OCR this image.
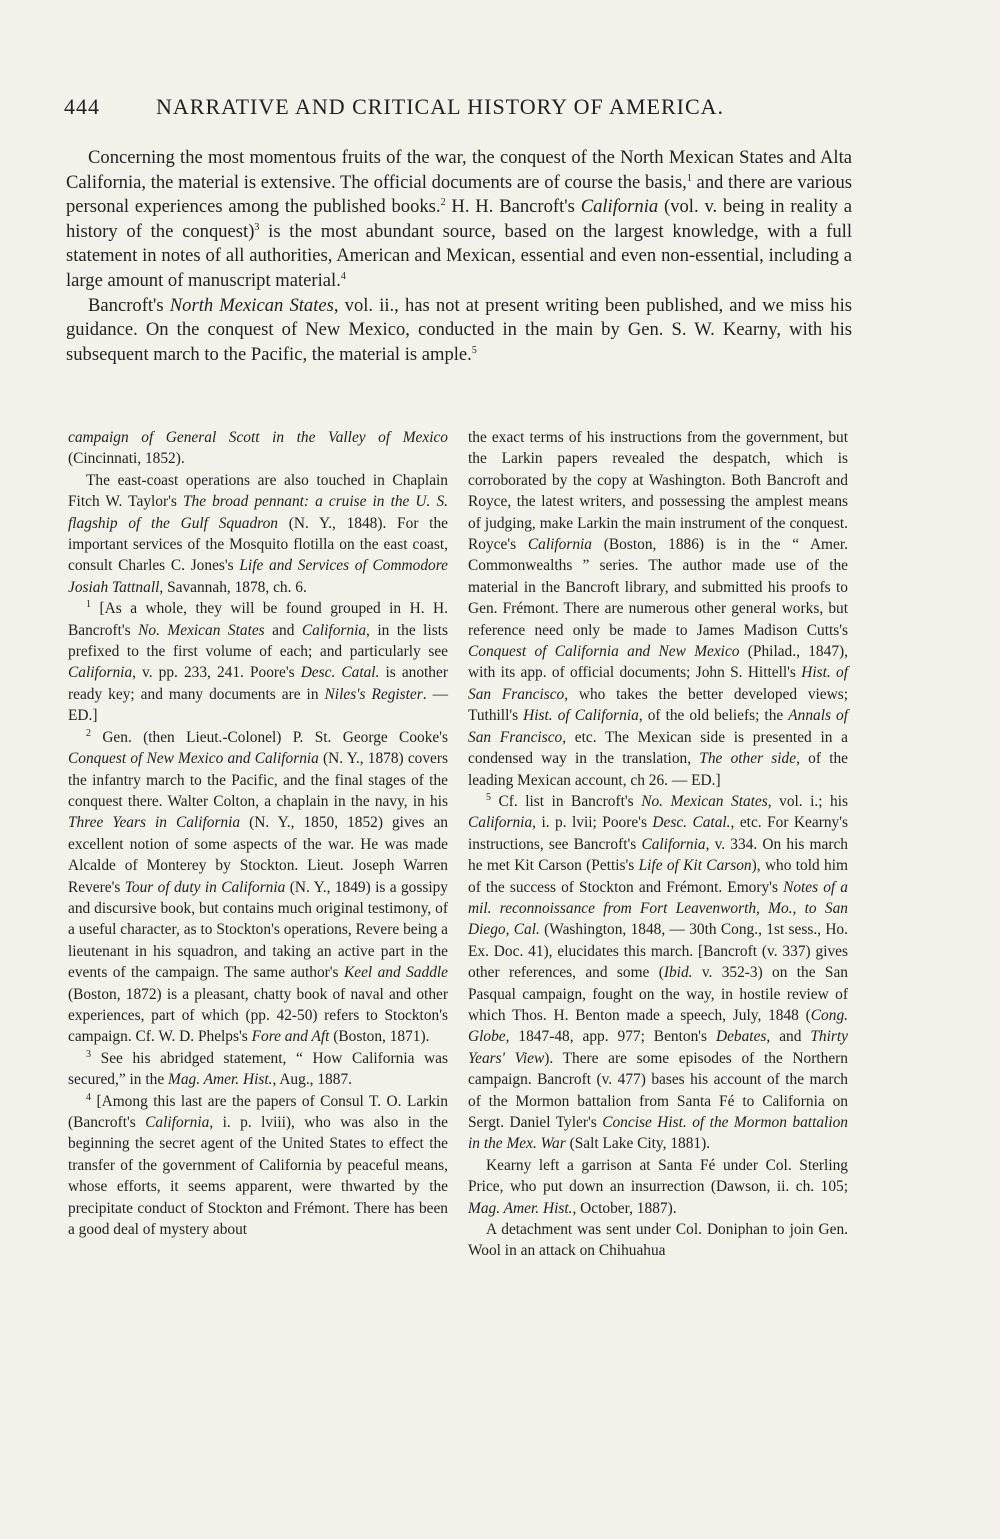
444	NARRATIVE AND CRITICAL HISTORY OF AMERICA.

Concerning the most momentous fruits of the war, the conquest of the North Mexican States and Alta California, the material is extensive. The official documents are of course the basis,$^1$ and there are various personal experiences among the published books.$^2$ H. H. Bancroft's California (vol. v. being in reality a history of the conquest)$^3$ is the most abundant source, based on the largest knowledge, with a full statement in notes of all authorities, American and Mexican, essential and even non-essential, including a large amount of manuscript material.$^4$

Bancroft's North Mexican States, vol. ii., has not at present writing been published, and we miss his guidance. On the conquest of New Mexico, conducted in the main by Gen. S. W. Kearny, with his subsequent march to the Pacific, the material is ample.$^5$

campaign of General Scott in the Valley of Mexico (Cincinnati, 1852).

The east-coast operations are also touched in Chaplain Fitch W. Taylor's The broad pennant: a cruise in the U. S. flagship of the Gulf Squadron (N. Y., 1848). For the important services of the Mosquito flotilla on the east coast, consult Charles C. Jones's Life and Services of Commodore Josiah Tattnall, Savannah, 1878, ch. 6.

$^1$ [As a whole, they will be found grouped in H. H. Bancroft's No. Mexican States and California, in the lists prefixed to the first volume of each; and particularly see California, v. pp. 233, 241. Poore's Desc. Catal. is another ready key; and many documents are in Niles's Register. — ED.]

$^2$ Gen. (then Lieut.-Colonel) P. St. George Cooke's Conquest of New Mexico and California (N. Y., 1878) covers the infantry march to the Pacific, and the final stages of the conquest there. Walter Colton, a chaplain in the navy, in his Three Years in California (N. Y., 1850, 1852) gives an excellent notion of some aspects of the war. He was made Alcalde of Monterey by Stockton. Lieut. Joseph Warren Revere's Tour of duty in California (N. Y., 1849) is a gossipy and discursive book, but contains much original testimony, of a useful character, as to Stockton's operations, Revere being a lieutenant in his squadron, and taking an active part in the events of the campaign. The same author's Keel and Saddle (Boston, 1872) is a pleasant, chatty book of naval and other experiences, part of which (pp. 42-50) refers to Stockton's campaign. Cf. W. D. Phelps's Fore and Aft (Boston, 1871).

$^3$ See his abridged statement, “ How California was secured,” in the Mag. Amer. Hist., Aug., 1887.

$^4$ [Among this last are the papers of Consul T. O. Larkin (Bancroft's California, i. p. lviii), who was also in the beginning the secret agent of the United States to effect the transfer of the government of California by peaceful means, whose efforts, it seems apparent, were thwarted by the precipitate conduct of Stockton and Frémont. There has been a good deal of mystery about

the exact terms of his instructions from the government, but the Larkin papers revealed the despatch, which is corroborated by the copy at Washington. Both Bancroft and Royce, the latest writers, and possessing the amplest means of judging, make Larkin the main instrument of the conquest. Royce's California (Boston, 1886) is in the “ Amer. Commonwealths ” series. The author made use of the material in the Bancroft library, and submitted his proofs to Gen. Frémont. There are numerous other general works, but reference need only be made to James Madison Cutts's Conquest of California and New Mexico (Philad., 1847), with its app. of official documents; John S. Hittell's Hist. of San Francisco, who takes the better developed views; Tuthill's Hist. of California, of the old beliefs; the Annals of San Francisco, etc. The Mexican side is presented in a condensed way in the translation, The other side, of the leading Mexican account, ch 26. — ED.]

$^5$ Cf. list in Bancroft's No. Mexican States, vol. i.; his California, i. p. lvii; Poore's Desc. Catal., etc. For Kearny's instructions, see Bancroft's California, v. 334. On his march he met Kit Carson (Pettis's Life of Kit Carson), who told him of the success of Stockton and Frémont. Emory's Notes of a mil. reconnoissance from Fort Leavenworth, Mo., to San Diego, Cal. (Washington, 1848, — 30th Cong., 1st sess., Ho. Ex. Doc. 41), elucidates this march. [Bancroft (v. 337) gives other references, and some (Ibid. v. 352-3) on the San Pasqual campaign, fought on the way, in hostile review of which Thos. H. Benton made a speech, July, 1848 (Cong. Globe, 1847-48, app. 977; Benton's Debates, and Thirty Years' View). There are some episodes of the Northern campaign. Bancroft (v. 477) bases his account of the march of the Mormon battalion from Santa Fé to California on Sergt. Daniel Tyler's Concise Hist. of the Mormon battalion in the Mex. War (Salt Lake City, 1881).

Kearny left a garrison at Santa Fé under Col. Sterling Price, who put down an insurrection (Dawson, ii. ch. 105; Mag. Amer. Hist., October, 1887).

A detachment was sent under Col. Doniphan to join Gen. Wool in an attack on Chihuahua
